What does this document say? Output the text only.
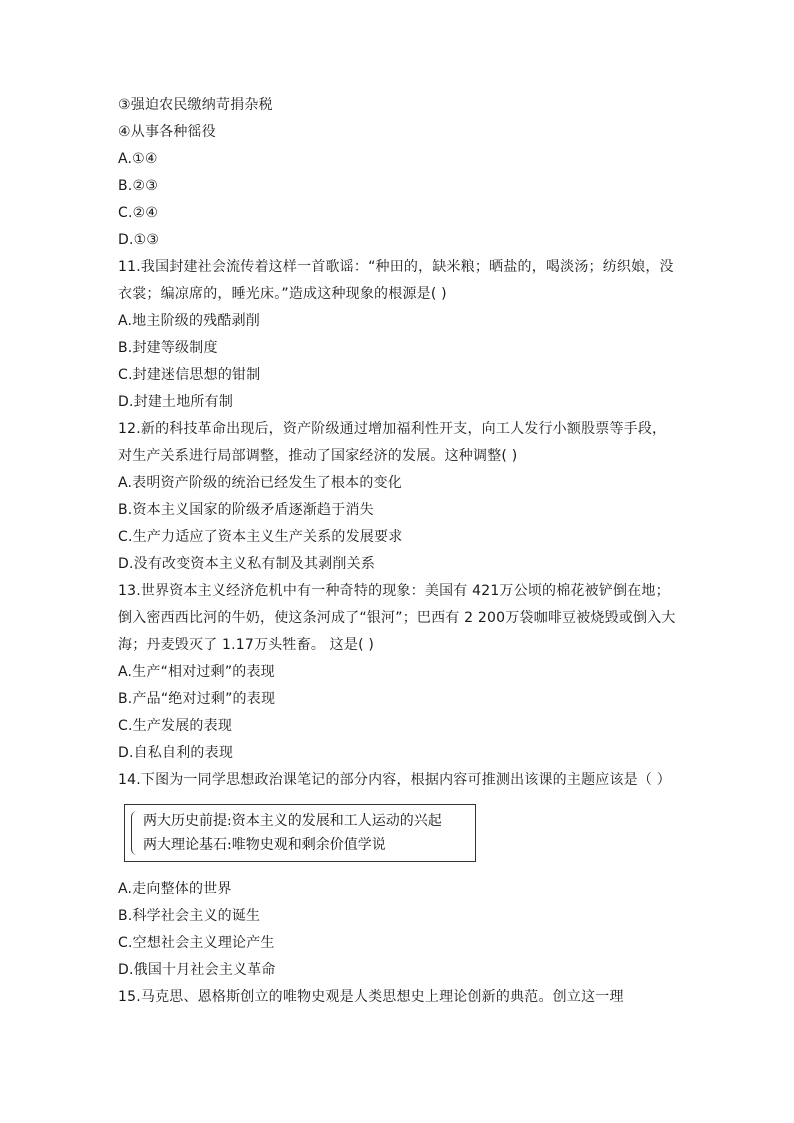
③强迫农民缴纳苛捐杂税
④从事各种徭役
A.①④
B.②③
C.②④
D.①③
11.我国封建社会流传着这样一首歌谣：“种田的，缺米粮；晒盐的，喝淡汤；纺织娘，没衣裳；编凉席的，睡光床。”造成这种现象的根源是( )
A.地主阶级的残酷剥削
B.封建等级制度
C.封建迷信思想的钳制
D.封建土地所有制
12.新的科技革命出现后，资产阶级通过增加福利性开支，向工人发行小额股票等手段，对生产关系进行局部调整，推动了国家经济的发展。这种调整( )
A.表明资产阶级的统治已经发生了根本的变化
B.资本主义国家的阶级矛盾逐渐趋于消失
C.生产力适应了资本主义生产关系的发展要求
D.没有改变资本主义私有制及其剥削关系
13.世界资本主义经济危机中有一种奇特的现象：美国有 421万公顷的棉花被铲倒在地；倒入密西西比河的牛奶，使这条河成了“银河”；巴西有 2 200万袋咖啡豆被烧毁或倒入大海；丹麦毁灭了 1.17万头牲畜。 这是( )
A.生产“相对过剩”的表现
B.产品“绝对过剩”的表现
C.生产发展的表现
D.自私自利的表现
14.下图为一同学思想政治课笔记的部分内容，根据内容可推测出该课的主题应该是（ ）
两大历史前提:资本主义的发展和工人运动的兴起
两大理论基石:唯物史观和剩余价值学说
A.走向整体的世界
B.科学社会主义的诞生
C.空想社会主义理论产生
D.俄国十月社会主义革命
15.马克思、恩格斯创立的唯物史观是人类思想史上理论创新的典范。创立这一理
